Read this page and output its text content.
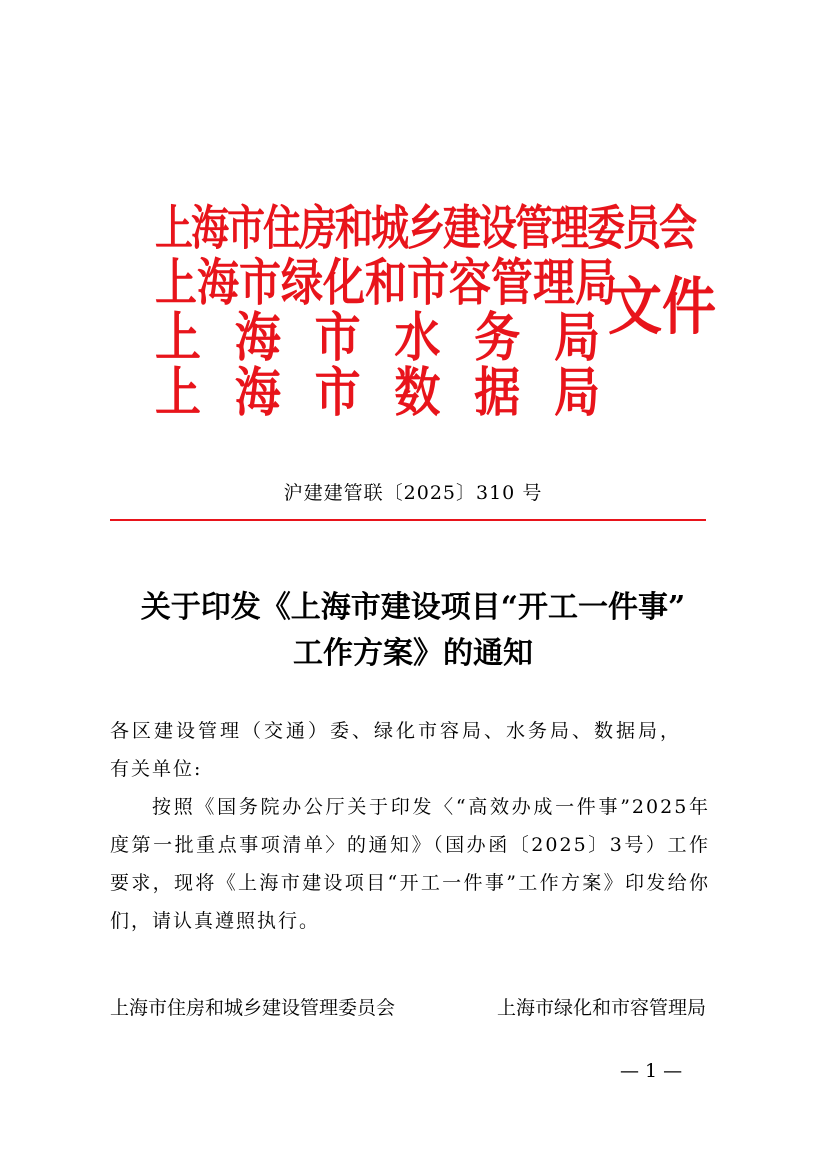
上海市住房和城乡建设管理委员会
上海市绿化和市容管理局
上 海 市 水 务 局
上 海 市 数 据 局
文件
沪建建管联〔2025〕310 号
关于印发《上海市建设项目“开工一件事”
工作方案》的通知

各区建设管理（交通）委、绿化市容局、水务局、数据局，

有关单位:

按照《国务院办公厅关于印发〈“高效办成一件事”2025年度第一批重点事项清单〉的通知》（国办函〔2025〕3号）工作要求，现将《上海市建设项目“开工一件事”工作方案》印发给你们，请认真遵照执行。

上海市住房和城乡建设管理委员会	上海市绿化和市容管理局
— 1 —
